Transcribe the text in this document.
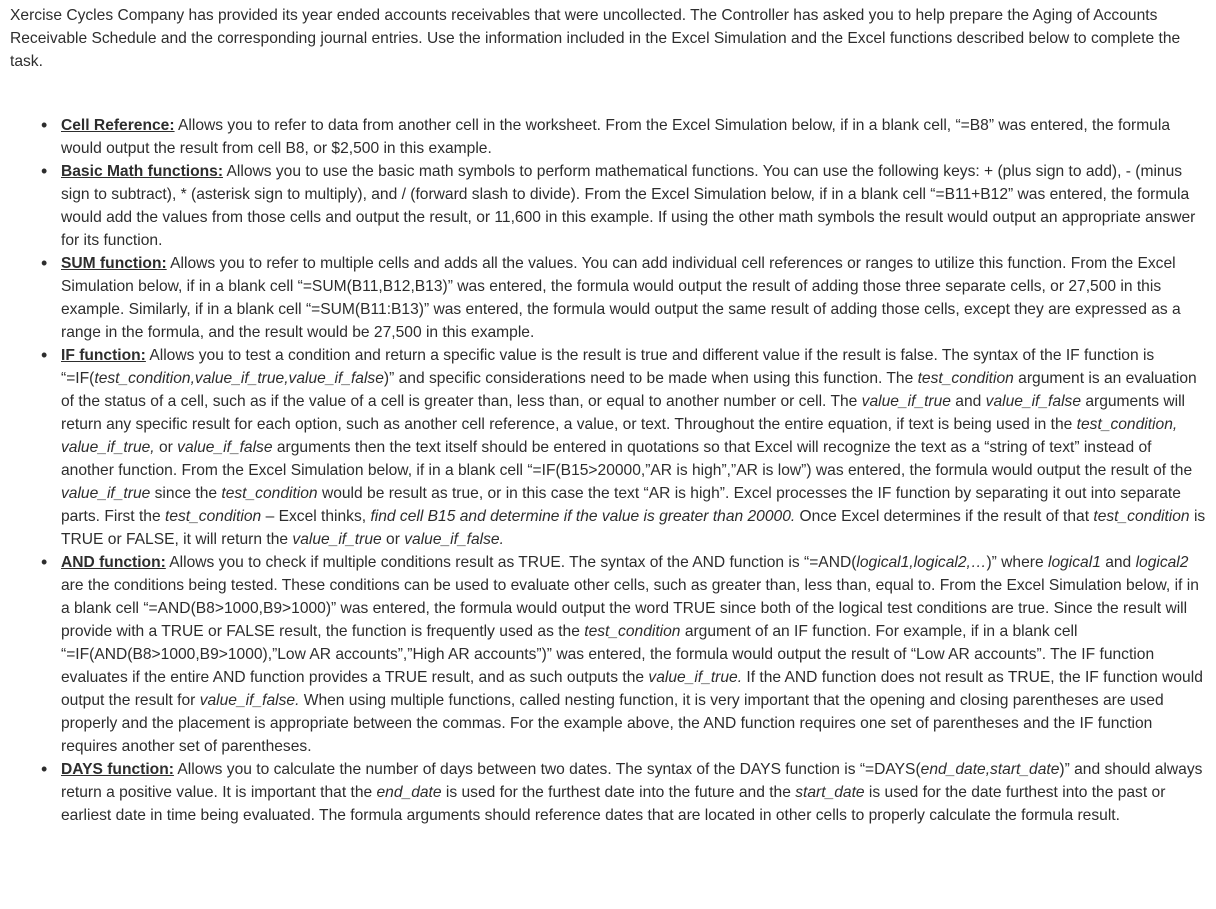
Xercise Cycles Company has provided its year ended accounts receivables that were uncollected. The Controller has asked you to help prepare the Aging of Accounts Receivable Schedule and the corresponding journal entries. Use the information included in the Excel Simulation and the Excel functions described below to complete the task.

• Cell Reference: Allows you to refer to data from another cell in the worksheet. From the Excel Simulation below, if in a blank cell, “=B8” was entered, the formula would output the result from cell B8, or $2,500 in this example.
• Basic Math functions: Allows you to use the basic math symbols to perform mathematical functions. You can use the following keys: + (plus sign to add), - (minus sign to subtract), * (asterisk sign to multiply), and / (forward slash to divide). From the Excel Simulation below, if in a blank cell “=B11+B12” was entered, the formula would add the values from those cells and output the result, or 11,600 in this example. If using the other math symbols the result would output an appropriate answer for its function.
• SUM function: Allows you to refer to multiple cells and adds all the values. You can add individual cell references or ranges to utilize this function. From the Excel Simulation below, if in a blank cell “=SUM(B11,B12,B13)” was entered, the formula would output the result of adding those three separate cells, or 27,500 in this example. Similarly, if in a blank cell “=SUM(B11:B13)” was entered, the formula would output the same result of adding those cells, except they are expressed as a range in the formula, and the result would be 27,500 in this example.
• IF function: Allows you to test a condition and return a specific value is the result is true and different value if the result is false. The syntax of the IF function is “=IF(test_condition,value_if_true,value_if_false)” and specific considerations need to be made when using this function. The test_condition argument is an evaluation of the status of a cell, such as if the value of a cell is greater than, less than, or equal to another number or cell. The value_if_true and value_if_false arguments will return any specific result for each option, such as another cell reference, a value, or text. Throughout the entire equation, if text is being used in the test_condition, value_if_true, or value_if_false arguments then the text itself should be entered in quotations so that Excel will recognize the text as a “string of text” instead of another function. From the Excel Simulation below, if in a blank cell “=IF(B15>20000,”AR is high”,”AR is low”) was entered, the formula would output the result of the value_if_true since the test_condition would be result as true, or in this case the text “AR is high”. Excel processes the IF function by separating it out into separate parts. First the test_condition – Excel thinks, find cell B15 and determine if the value is greater than 20000. Once Excel determines if the result of that test_condition is TRUE or FALSE, it will return the value_if_true or value_if_false.
• AND function: Allows you to check if multiple conditions result as TRUE. The syntax of the AND function is “=AND(logical1,logical2,…)” where logical1 and logical2 are the conditions being tested. These conditions can be used to evaluate other cells, such as greater than, less than, equal to. From the Excel Simulation below, if in a blank cell “=AND(B8>1000,B9>1000)” was entered, the formula would output the word TRUE since both of the logical test conditions are true. Since the result will provide with a TRUE or FALSE result, the function is frequently used as the test_condition argument of an IF function. For example, if in a blank cell “=IF(AND(B8>1000,B9>1000),”Low AR accounts”,”High AR accounts”)” was entered, the formula would output the result of “Low AR accounts”. The IF function evaluates if the entire AND function provides a TRUE result, and as such outputs the value_if_true. If the AND function does not result as TRUE, the IF function would output the result for value_if_false. When using multiple functions, called nesting function, it is very important that the opening and closing parentheses are used properly and the placement is appropriate between the commas. For the example above, the AND function requires one set of parentheses and the IF function requires another set of parentheses.
• DAYS function: Allows you to calculate the number of days between two dates. The syntax of the DAYS function is “=DAYS(end_date,start_date)” and should always return a positive value. It is important that the end_date is used for the furthest date into the future and the start_date is used for the date furthest into the past or earliest date in time being evaluated. The formula arguments should reference dates that are located in other cells to properly calculate the formula result.
